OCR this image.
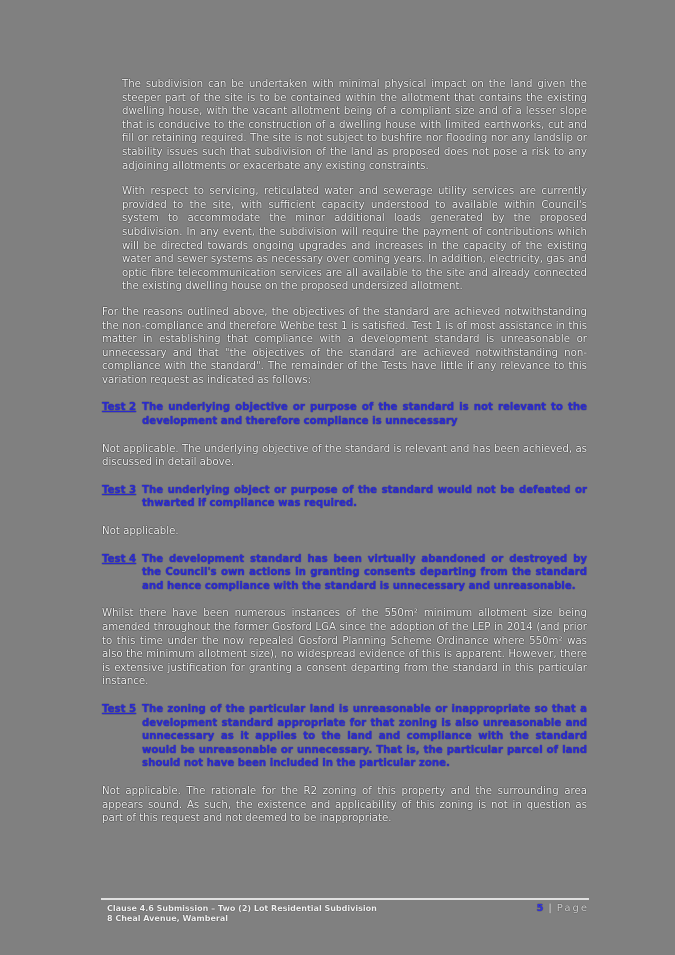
The subdivision can be undertaken with minimal physical impact on the land given the steeper part of the site is to be contained within the allotment that contains the existing dwelling house, with the vacant allotment being of a compliant size and of a lesser slope that is conducive to the construction of a dwelling house with limited earthworks, cut and fill or retaining required. The site is not subject to bushfire nor flooding nor any landslip or stability issues such that subdivision of the land as proposed does not pose a risk to any adjoining allotments or exacerbate any existing constraints.

With respect to servicing, reticulated water and sewerage utility services are currently provided to the site, with sufficient capacity understood to available within Council's system to accommodate the minor additional loads generated by the proposed subdivision. In any event, the subdivision will require the payment of contributions which will be directed towards ongoing upgrades and increases in the capacity of the existing water and sewer systems as necessary over coming years. In addition, electricity, gas and optic fibre telecommunication services are all available to the site and already connected the existing dwelling house on the proposed undersized allotment.

For the reasons outlined above, the objectives of the standard are achieved notwithstanding the non-compliance and therefore Wehbe test 1 is satisfied. Test 1 is of most assistance in this matter in establishing that compliance with a development standard is unreasonable or unnecessary and that "the objectives of the standard are achieved notwithstanding non-compliance with the standard". The remainder of the Tests have little if any relevance to this variation request as indicated as follows:

Test 2 The underlying objective or purpose of the standard is not relevant to the development and therefore compliance is unnecessary

Not applicable. The underlying objective of the standard is relevant and has been achieved, as discussed in detail above.

Test 3 The underlying object or purpose of the standard would not be defeated or thwarted if compliance was required.

Not applicable.

Test 4 The development standard has been virtually abandoned or destroyed by the Council's own actions in granting consents departing from the standard and hence compliance with the standard is unnecessary and unreasonable.

Whilst there have been numerous instances of the 550m² minimum allotment size being amended throughout the former Gosford LGA since the adoption of the LEP in 2014 (and prior to this time under the now repealed Gosford Planning Scheme Ordinance where 550m² was also the minimum allotment size), no widespread evidence of this is apparent. However, there is extensive justification for granting a consent departing from the standard in this particular instance.

Test 5 The zoning of the particular land is unreasonable or inappropriate so that a development standard appropriate for that zoning is also unreasonable and unnecessary as it applies to the land and compliance with the standard would be unreasonable or unnecessary. That is, the particular parcel of land should not have been included in the particular zone.

Not applicable. The rationale for the R2 zoning of this property and the surrounding area appears sound. As such, the existence and applicability of this zoning is not in question as part of this request and not deemed to be inappropriate.

Clause 4.6 Submission – Two (2) Lot Residential Subdivision
8 Cheal Avenue, Wamberal
5 | Page
